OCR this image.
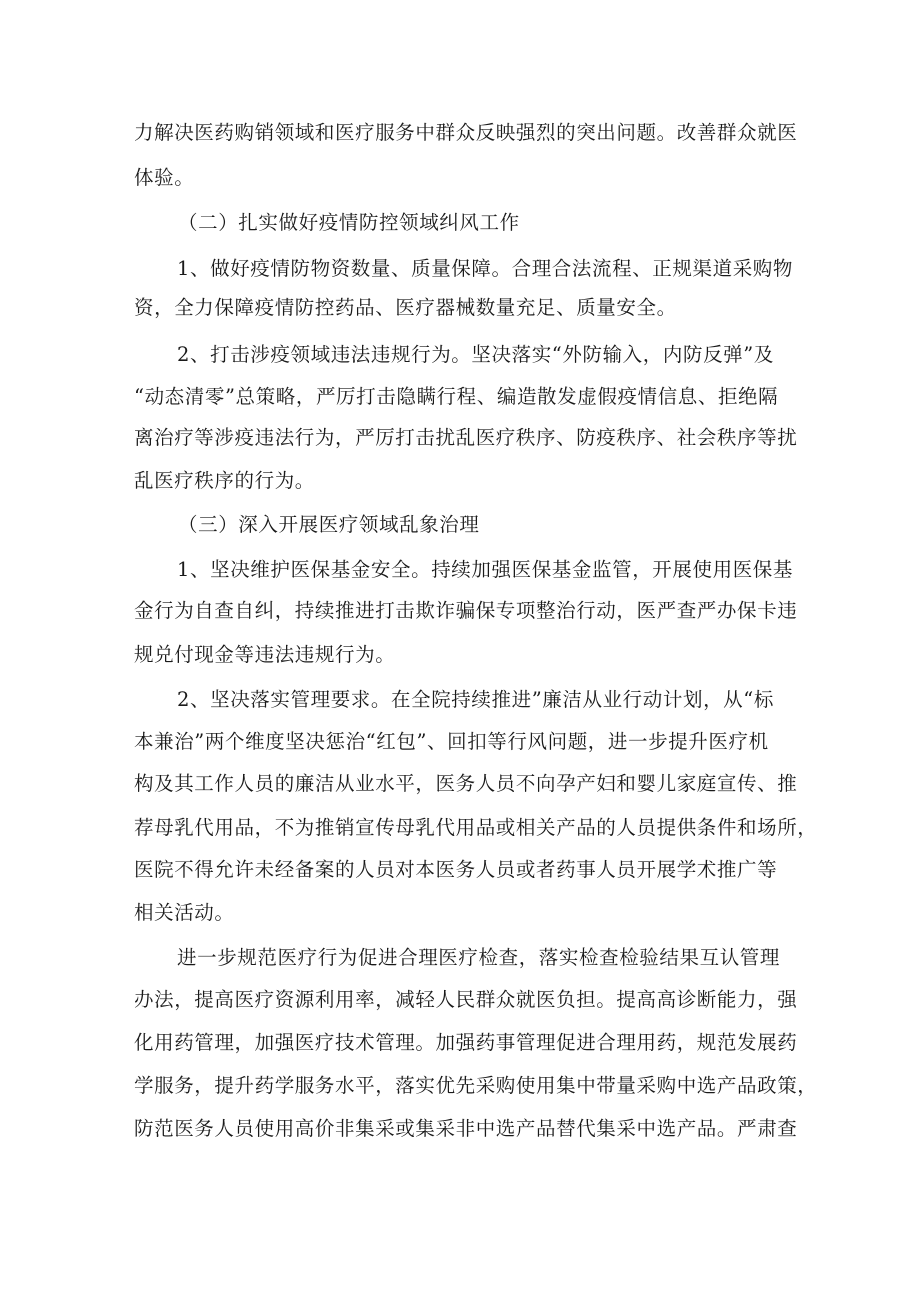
力解决医药购销领域和医疗服务中群众反映强烈的突出问题。改善群众就医
体验。
（二）扎实做好疫情防控领域纠风工作
1、做好疫情防物资数量、质量保障。合理合法流程、正规渠道采购物
资，全力保障疫情防控药品、医疗器械数量充足、质量安全。
2、打击涉疫领域违法违规行为。坚决落实“外防输入，内防反弹”及
“动态清零”总策略，严厉打击隐瞒行程、编造散发虚假疫情信息、拒绝隔
离治疗等涉疫违法行为，严厉打击扰乱医疗秩序、防疫秩序、社会秩序等扰
乱医疗秩序的行为。
（三）深入开展医疗领域乱象治理
1、坚决维护医保基金安全。持续加强医保基金监管，开展使用医保基
金行为自查自纠，持续推进打击欺诈骗保专项整治行动，医严查严办保卡违
规兑付现金等违法违规行为。
2、坚决落实管理要求。在全院持续推进”廉洁从业行动计划，从“标
本兼治”两个维度坚决惩治“红包”、回扣等行风问题，进一步提升医疗机
构及其工作人员的廉洁从业水平，医务人员不向孕产妇和婴儿家庭宣传、推
荐母乳代用品，不为推销宣传母乳代用品或相关产品的人员提供条件和场所，
医院不得允许未经备案的人员对本医务人员或者药事人员开展学术推广等
相关活动。
进一步规范医疗行为促进合理医疗检查，落实检查检验结果互认管理
办法，提高医疗资源利用率，减轻人民群众就医负担。提高高诊断能力，强
化用药管理，加强医疗技术管理。加强药事管理促进合理用药，规范发展药
学服务，提升药学服务水平，落实优先采购使用集中带量采购中选产品政策，
防范医务人员使用高价非集采或集采非中选产品替代集采中选产品。严肃查
